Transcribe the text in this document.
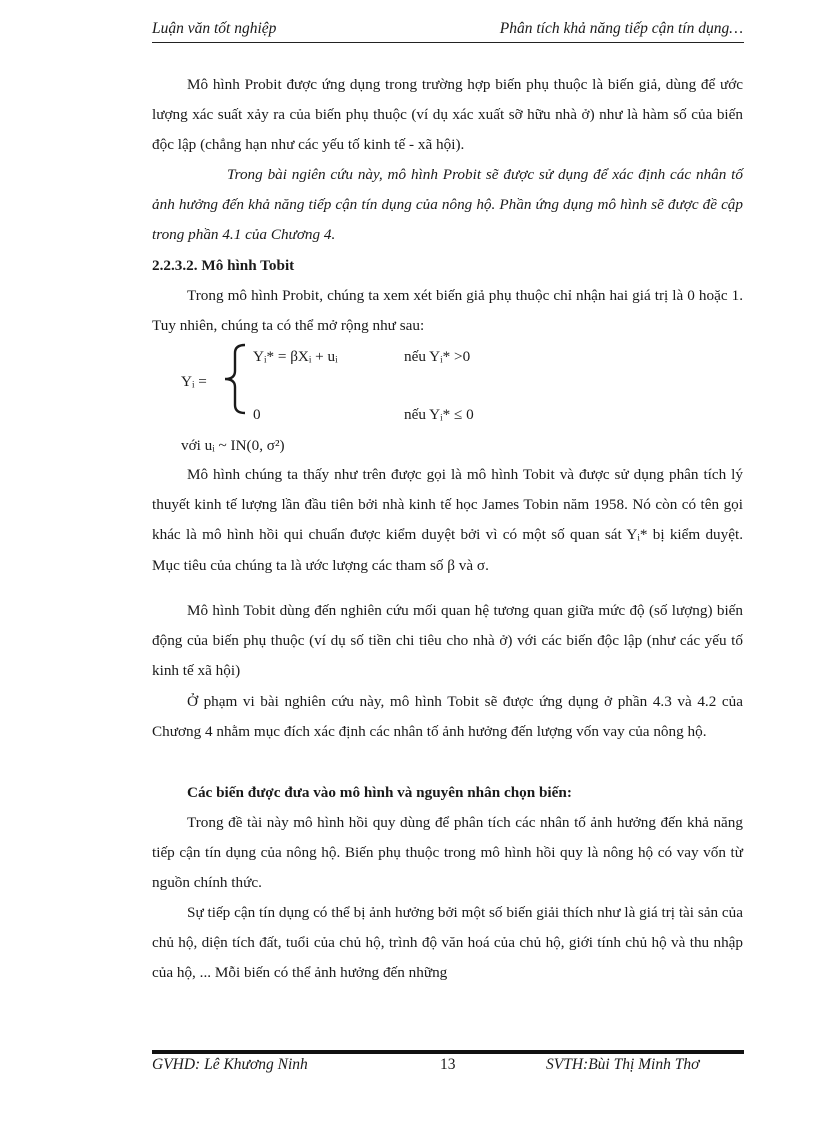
Luận văn tốt nghiệp	Phân tích khả năng tiếp cận tín dụng…

Mô hình Probit được ứng dụng trong trường hợp biến phụ thuộc là biến giả, dùng để ước lượng xác suất xảy ra của biến phụ thuộc (ví dụ xác xuất sỡ hữu nhà ở) như là hàm số của biến độc lập (chẳng hạn như các yếu tố kinh tế - xã hội).

Trong bài ngiên cứu này, mô hình Probit sẽ được sử dụng để xác định các nhân tố ảnh hưởng đến khả năng tiếp cận tín dụng của nông hộ. Phần ứng dụng mô hình sẽ được đề cập trong phần 4.1 của Chương 4.

2.2.3.2. Mô hình Tobit

Trong mô hình Probit, chúng ta xem xét biến giả phụ thuộc chỉ nhận hai giá trị là 0 hoặc 1. Tuy nhiên, chúng ta có thể mở rộng như sau:

Yᵢ =
Yᵢ* = βXᵢ + uᵢ	nếu Yᵢ* >0
0	nếu Yᵢ* ≤ 0
với uᵢ ~ IN(0, σ²)

Mô hình chúng ta thấy như trên được gọi là mô hình Tobit và được sử dụng phân tích lý thuyết kinh tế lượng lần đầu tiên bởi nhà kinh tế học James Tobin năm 1958. Nó còn có tên gọi khác là mô hình hồi qui chuẩn được kiểm duyệt bởi vì có một số quan sát Yᵢ* bị kiểm duyệt. Mục tiêu của chúng ta là ước lượng các tham số β và σ.

Mô hình Tobit dùng đến nghiên cứu mối quan hệ tương quan giữa mức độ (số lượng) biến động của biến phụ thuộc (ví dụ số tiền chi tiêu cho nhà ở) với các biến độc lập (như các yếu tố kinh tế xã hội)

Ở phạm vi bài nghiên cứu này, mô hình Tobit sẽ được ứng dụng ở phần 4.3 và 4.2 của Chương 4 nhằm mục đích xác định các nhân tố ảnh hưởng đến lượng vốn vay của nông hộ.

Các biến được đưa vào mô hình và nguyên nhân chọn biến:

Trong đề tài này mô hình hồi quy dùng để phân tích các nhân tố ảnh hưởng đến khả năng tiếp cận tín dụng của nông hộ. Biến phụ thuộc trong mô hình hồi quy là nông hộ có vay vốn từ nguồn chính thức.

Sự tiếp cận tín dụng có thể bị ảnh hưởng bởi một số biến giải thích như là giá trị tài sản của chủ hộ, diện tích đất, tuổi của chủ hộ, trình độ văn hoá của chủ hộ, giới tính chủ hộ và thu nhập của hộ, ... Mỗi biến có thể ảnh hưởng đến những

GVHD: Lê Khương Ninh	13	SVTH:Bùi Thị Minh Thơ
